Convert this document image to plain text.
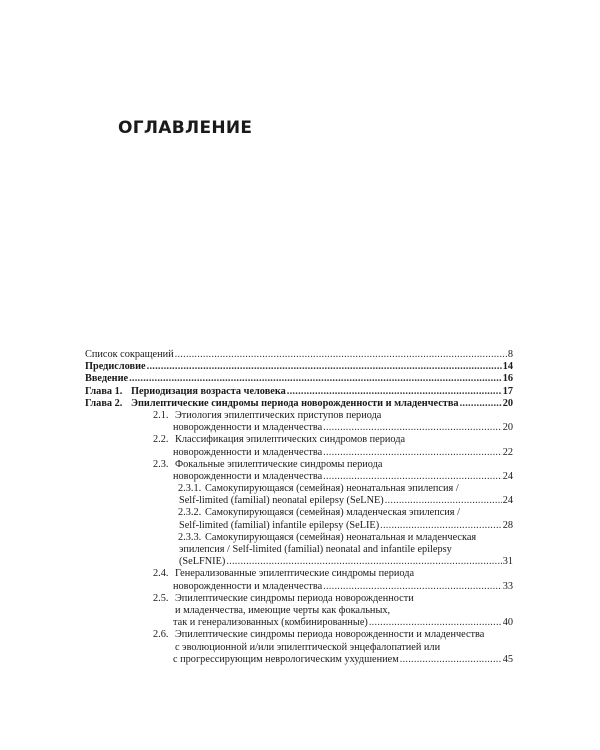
ОГЛАВЛЕНИЕ
Список сокращений .....	8
Предисловие .....	14
Введение .....	16
Глава 1. Периодизация возраста человека .....	17
Глава 2. Эпилептические синдромы периода новорожденности и младенчества .....	20
2.1. Этиология эпилептических приступов периода
новорожденности и младенчества .....	20
2.2. Классификация эпилептических синдромов периода
новорожденности и младенчества .....	22
2.3. Фокальные эпилептические синдромы периода
новорожденности и младенчества .....	24
2.3.1. Самокупирующаяся (семейная) неонатальная эпилепсия /
Self-limited (familial) neonatal epilepsy (SeLNE) .....	24
2.3.2. Самокупирующаяся (семейная) младенческая эпилепсия /
Self-limited (familial) infantile epilepsy (SeLIE) .....	28
2.3.3. Самокупирующаяся (семейная) неонатальная и младенческая
эпилепсия / Self-limited (familial) neonatal and infantile epilepsy
(SeLFNIE) .....	31
2.4. Генерализованные эпилептические синдромы периода
новорожденности и младенчества .....	33
2.5. Эпилептические синдромы периода новорожденности
и младенчества, имеющие черты как фокальных,
так и генерализованных (комбинированные) .....	40
2.6. Эпилептические синдромы периода новорожденности и младенчества
с эволюционной и/или эпилептической энцефалопатией или
с прогрессирующим неврологическим ухудшением .....	45
